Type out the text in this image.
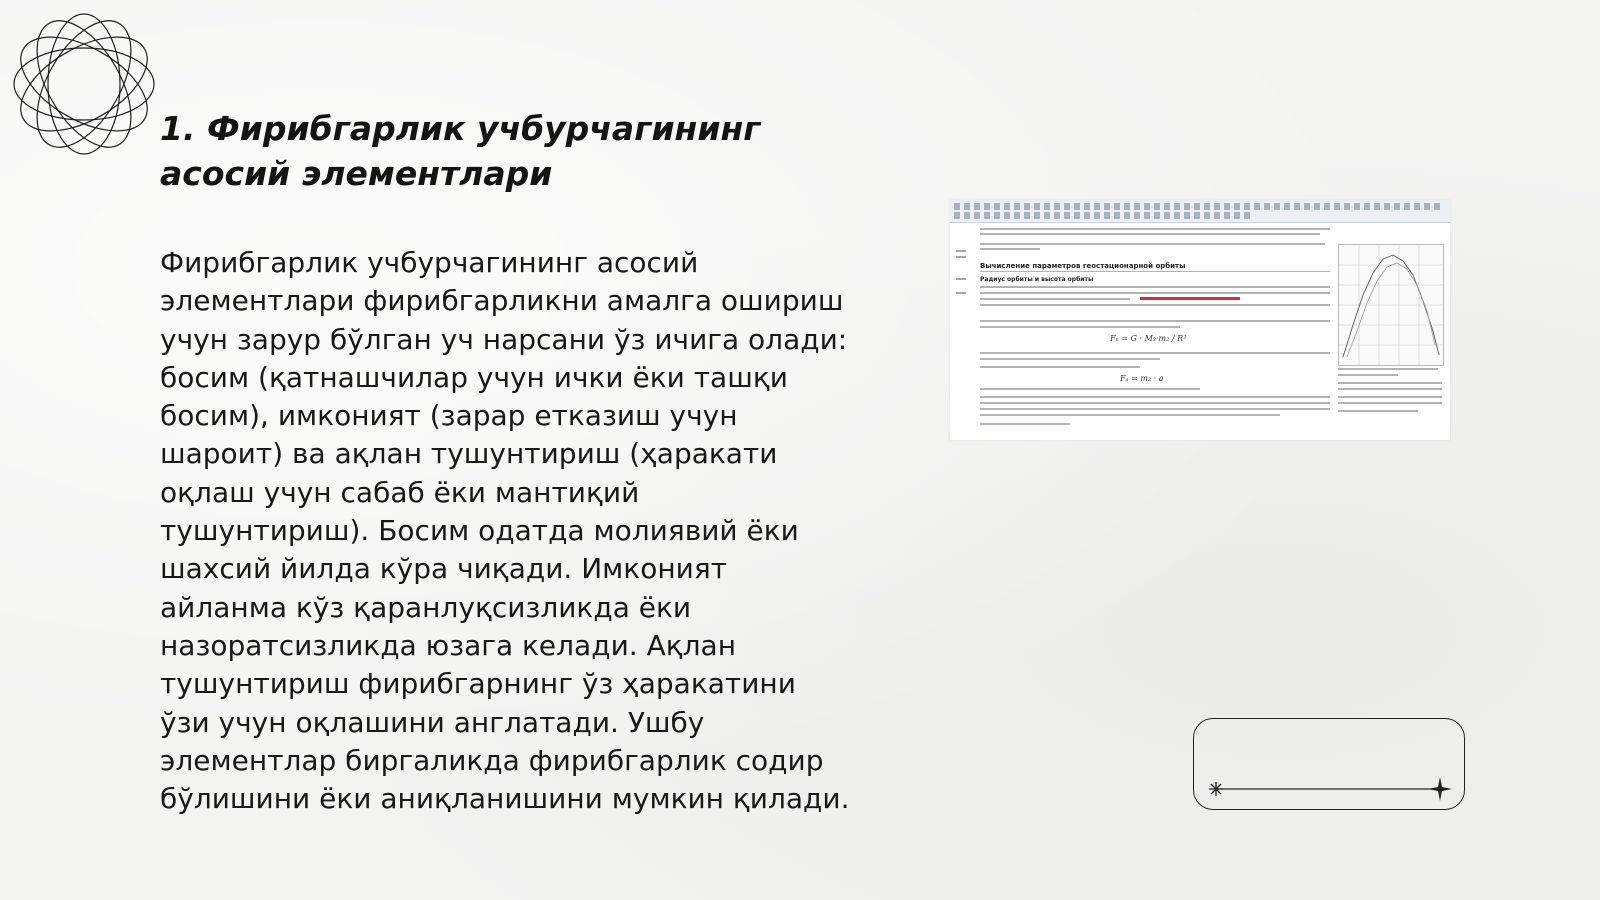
1. Фирибгарлик учбурчагининг асосий элементлари

Фирибгарлик учбурчагининг асосий элементлари фирибгарликни амалга ошириш учун зарур бўлган уч нарсани ўз ичига олади: босим (қатнашчилар учун ички ёки ташқи босим), имконият (зарар етказиш учун шароит) ва ақлан тушунтириш (ҳаракати оқлаш учун сабаб ёки мантиқий тушунтириш). Босим одатда молиявий ёки шахсий йилда кўра чиқади. Имконият айланма кўз қаранлуқсизликда ёки назоратсизликда юзага келади. Ақлан тушунтириш фирибгарнинг ўз ҳаракатини ўзи учун оқлашини англатади. Ушбу элементлар биргаликда фирибгарлик содир бўлишини ёки аниқланишини мумкин қилади.

Вычисление параметров геостационарной орбиты
Радиус орбиты и высота орбиты
Fₙ = G · M₃·m₂ / R²
Fₐ = m₂ · a
